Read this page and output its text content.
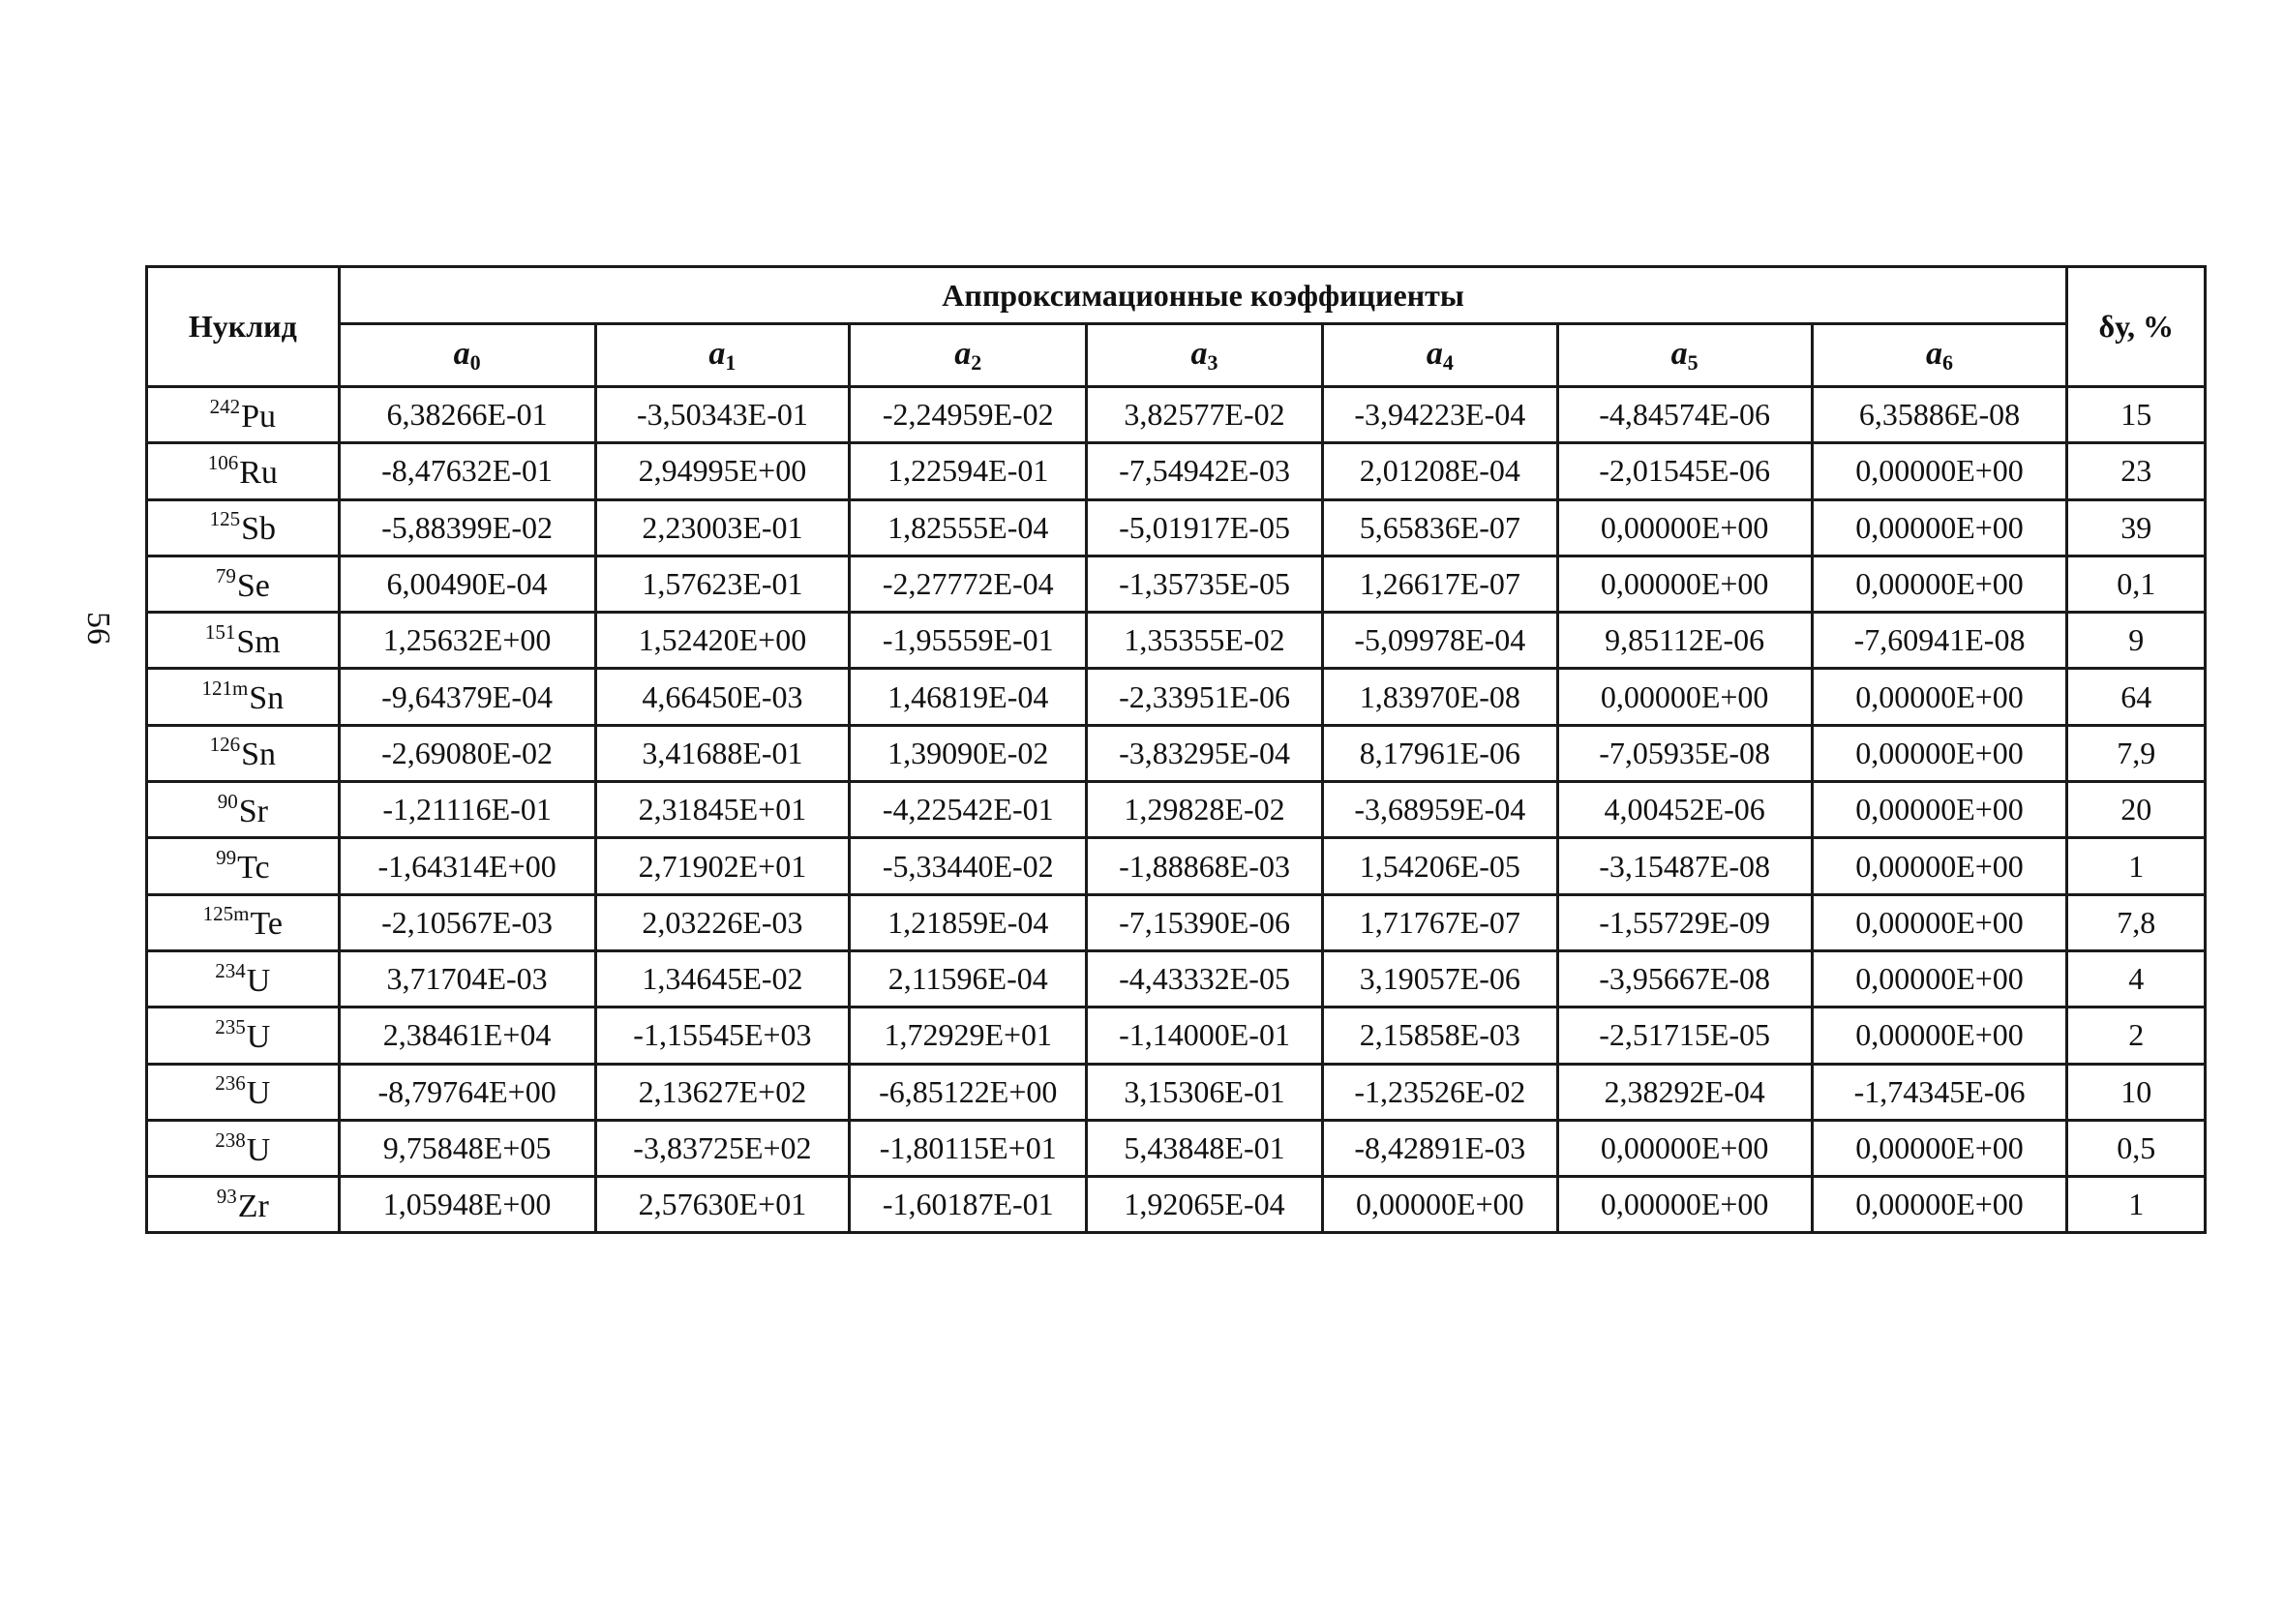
56
Нуклид	Аппроксимационные коэффициенты							δу, %
	$a_0$	$a_1$	$a_2$	$a_3$	$a_4$	$a_5$	$a_6$
$^{242}$Pu	6,38266E-01	-3,50343E-01	-2,24959E-02	3,82577E-02	-3,94223E-04	-4,84574E-06	6,35886E-08	15
$^{106}$Ru	-8,47632E-01	2,94995E+00	1,22594E-01	-7,54942E-03	2,01208E-04	-2,01545E-06	0,00000E+00	23
$^{125}$Sb	-5,88399E-02	2,23003E-01	1,82555E-04	-5,01917E-05	5,65836E-07	0,00000E+00	0,00000E+00	39
$^{79}$Se	6,00490E-04	1,57623E-01	-2,27772E-04	-1,35735E-05	1,26617E-07	0,00000E+00	0,00000E+00	0,1
$^{151}$Sm	1,25632E+00	1,52420E+00	-1,95559E-01	1,35355E-02	-5,09978E-04	9,85112E-06	-7,60941E-08	9
$^{121m}$Sn	-9,64379E-04	4,66450E-03	1,46819E-04	-2,33951E-06	1,83970E-08	0,00000E+00	0,00000E+00	64
$^{126}$Sn	-2,69080E-02	3,41688E-01	1,39090E-02	-3,83295E-04	8,17961E-06	-7,05935E-08	0,00000E+00	7,9
$^{90}$Sr	-1,21116E-01	2,31845E+01	-4,22542E-01	1,29828E-02	-3,68959E-04	4,00452E-06	0,00000E+00	20
$^{99}$Tc	-1,64314E+00	2,71902E+01	-5,33440E-02	-1,88868E-03	1,54206E-05	-3,15487E-08	0,00000E+00	1
$^{125m}$Te	-2,10567E-03	2,03226E-03	1,21859E-04	-7,15390E-06	1,71767E-07	-1,55729E-09	0,00000E+00	7,8
$^{234}$U	3,71704E-03	1,34645E-02	2,11596E-04	-4,43332E-05	3,19057E-06	-3,95667E-08	0,00000E+00	4
$^{235}$U	2,38461E+04	-1,15545E+03	1,72929E+01	-1,14000E-01	2,15858E-03	-2,51715E-05	0,00000E+00	2
$^{236}$U	-8,79764E+00	2,13627E+02	-6,85122E+00	3,15306E-01	-1,23526E-02	2,38292E-04	-1,74345E-06	10
$^{238}$U	9,75848E+05	-3,83725E+02	-1,80115E+01	5,43848E-01	-8,42891E-03	0,00000E+00	0,00000E+00	0,5
$^{93}$Zr	1,05948E+00	2,57630E+01	-1,60187E-01	1,92065E-04	0,00000E+00	0,00000E+00	0,00000E+00	1
